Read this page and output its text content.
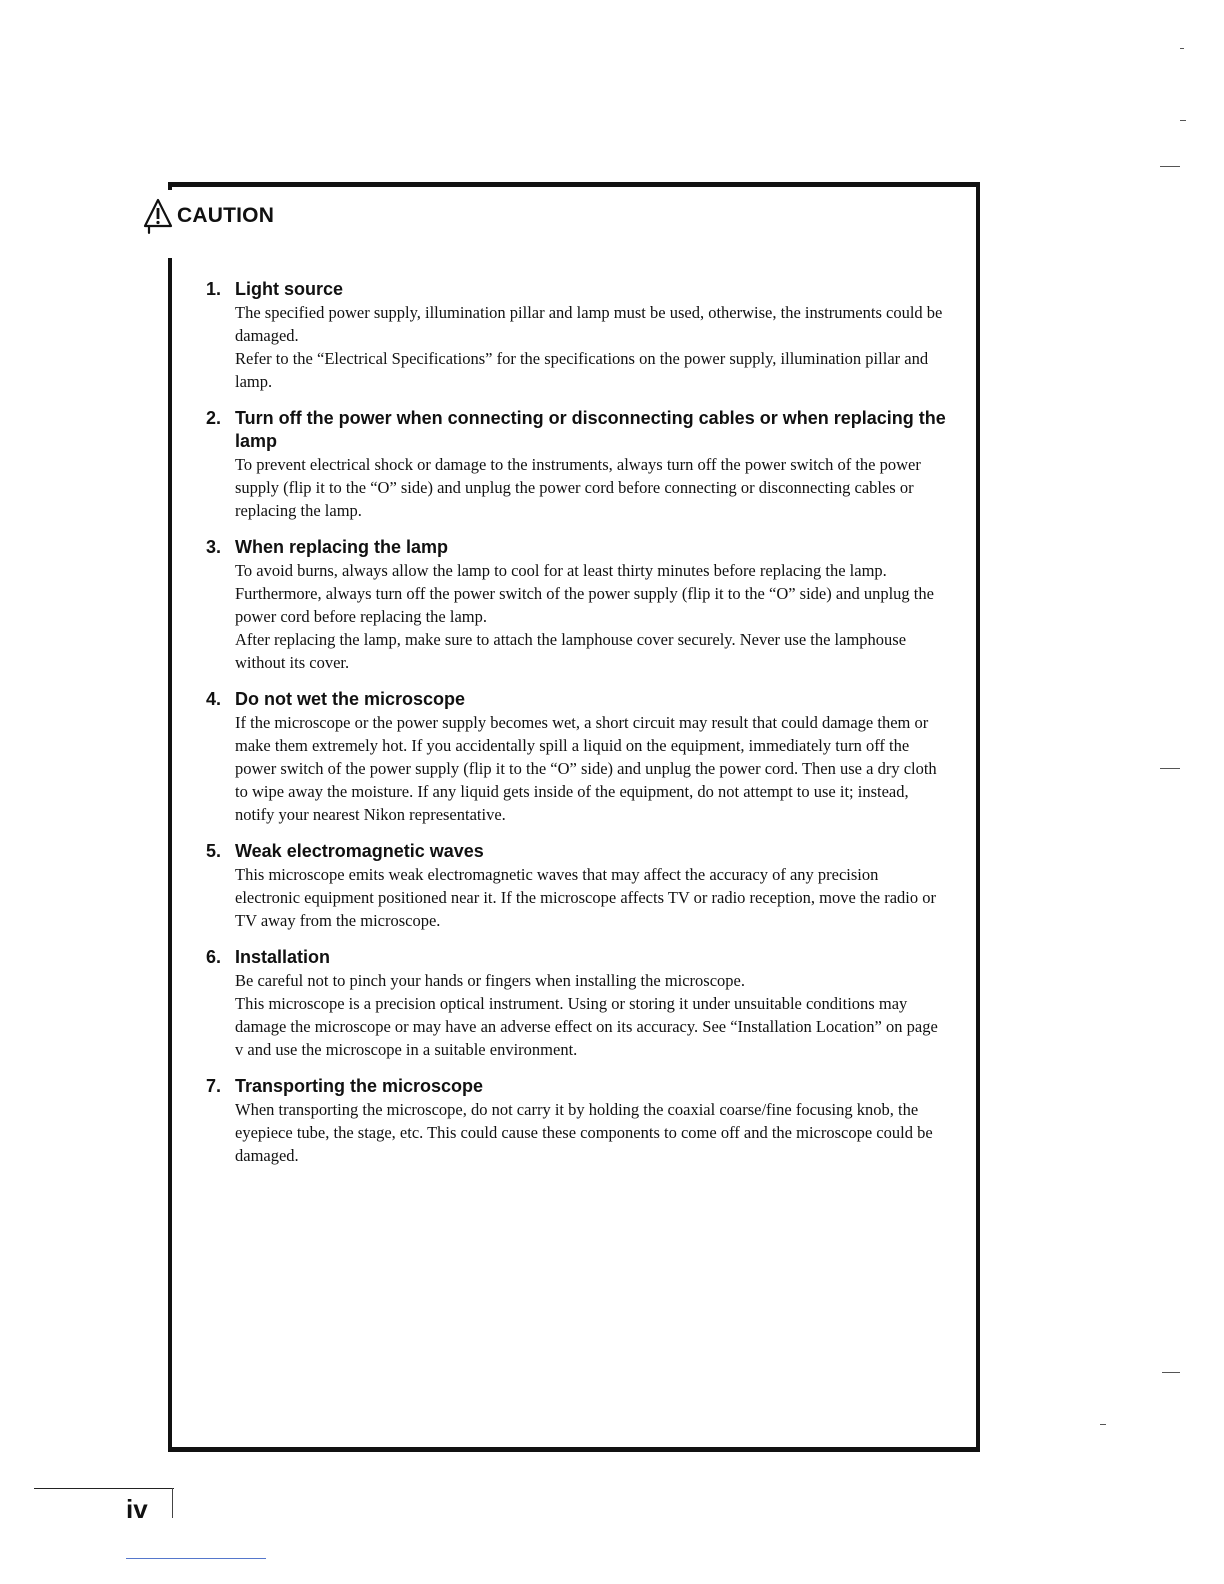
CAUTION
1. Light source

The specified power supply, illumination pillar and lamp must be used, otherwise, the instruments could be damaged.

Refer to the “Electrical Specifications” for the specifications on the power supply, illumination pillar and lamp.

2. Turn off the power when connecting or disconnecting cables or when replacing the lamp

To prevent electrical shock or damage to the instruments, always turn off the power switch of the power supply (flip it to the “O” side) and unplug the power cord before connecting or disconnecting cables or replacing the lamp.

3. When replacing the lamp

To avoid burns, always allow the lamp to cool for at least thirty minutes before replacing the lamp.

Furthermore, always turn off the power switch of the power supply (flip it to the “O” side) and unplug the power cord before replacing the lamp.

After replacing the lamp, make sure to attach the lamphouse cover securely. Never use the lamphouse without its cover.

4. Do not wet the microscope

If the microscope or the power supply becomes wet, a short circuit may result that could damage them or make them extremely hot. If you accidentally spill a liquid on the equipment, immediately turn off the power switch of the power supply (flip it to the “O” side) and unplug the power cord. Then use a dry cloth to wipe away the moisture. If any liquid gets inside of the equipment, do not attempt to use it; instead, notify your nearest Nikon representative.

5. Weak electromagnetic waves

This microscope emits weak electromagnetic waves that may affect the accuracy of any precision electronic equipment positioned near it. If the microscope affects TV or radio reception, move the radio or TV away from the microscope.

6. Installation

Be careful not to pinch your hands or fingers when installing the microscope.

This microscope is a precision optical instrument. Using or storing it under unsuitable conditions may damage the microscope or may have an adverse effect on its accuracy. See “Installation Location” on page v and use the microscope in a suitable environment.

7. Transporting the microscope

When transporting the microscope, do not carry it by holding the coaxial coarse/fine focusing knob, the eyepiece tube, the stage, etc. This could cause these components to come off and the microscope could be damaged.

iv
